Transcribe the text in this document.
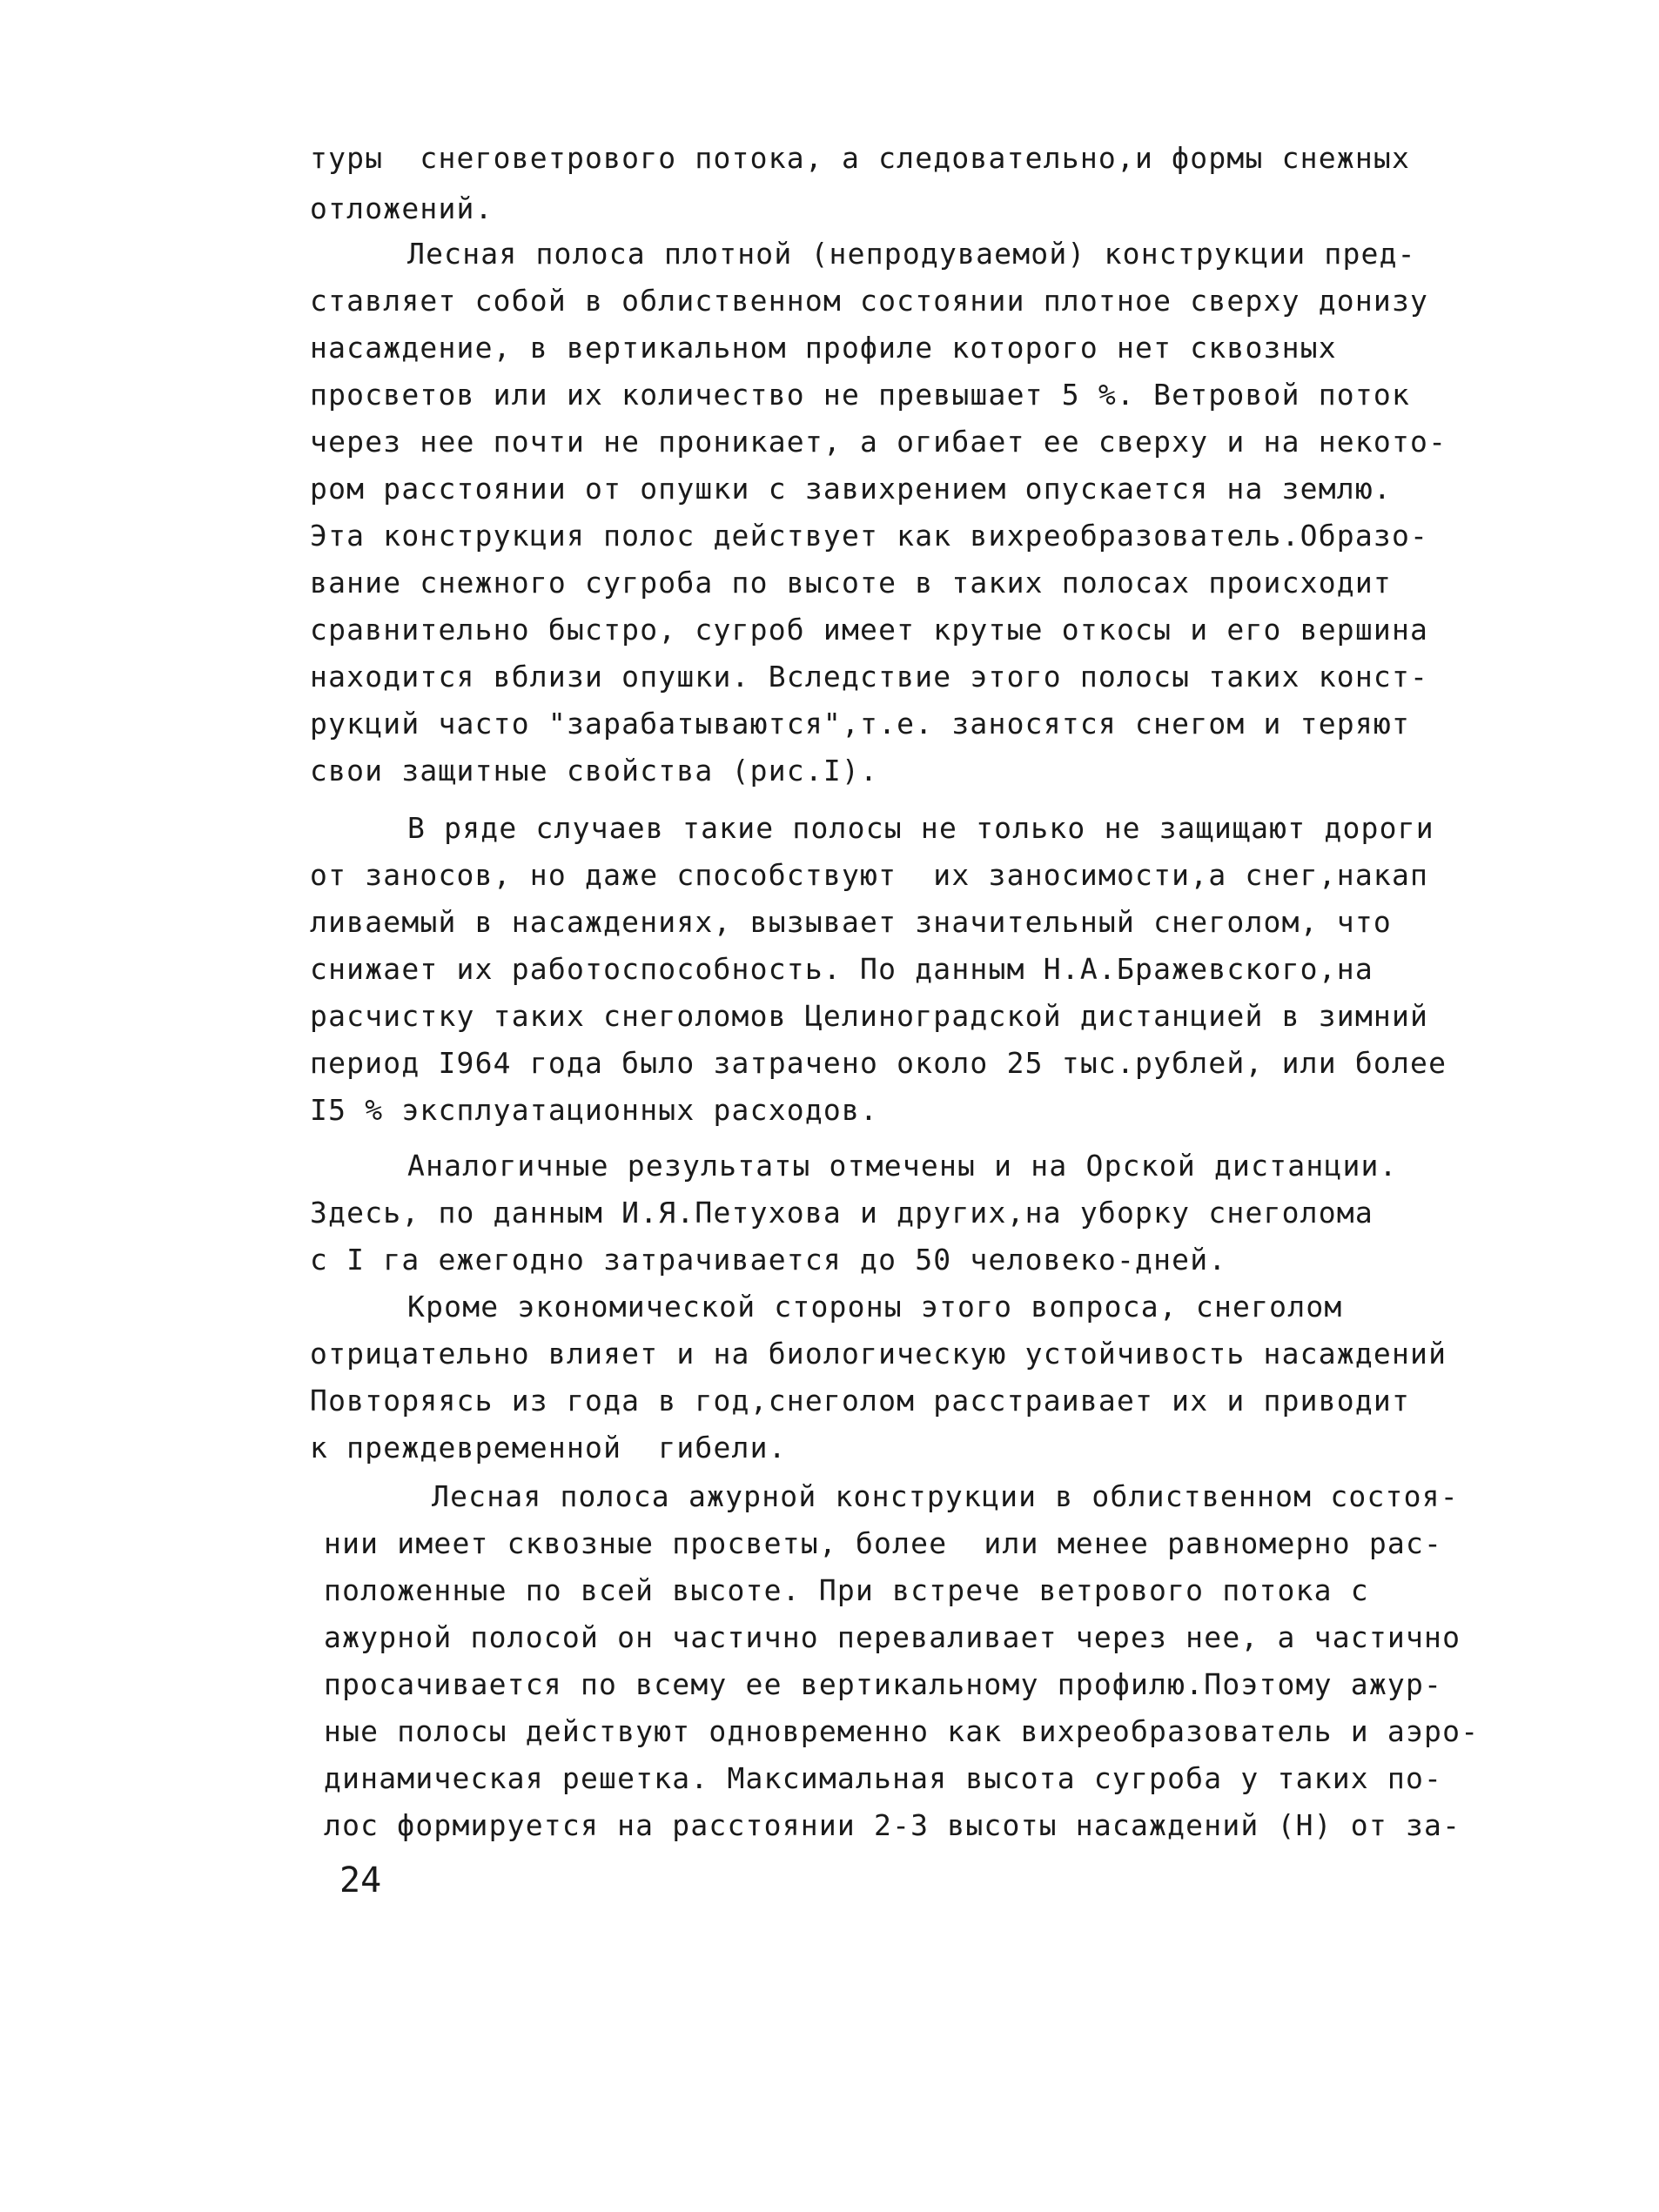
туры  снеговетрового потока, а следовательно,и формы снежных

отложений.

Лесная полоса плотной (непродуваемой) конструкции пред-

ставляет собой в облиственном состоянии плотное сверху донизу

насаждение, в вертикальном профиле которого нет сквозных

просветов или их количество не превышает 5 %. Ветровой поток

через нее почти не проникает, а огибает ее сверху и на некото-

ром расстоянии от опушки с завихрением опускается на землю.

Эта конструкция полос действует как вихреобразователь.Образо-

вание снежного сугроба по высоте в таких полосах происходит

сравнительно быстро, сугроб имеет крутые откосы и его вершина

находится вблизи опушки. Вследствие этого полосы таких конст-

рукций часто "зарабатываются",т.е. заносятся снегом и теряют

свои защитные свойства (рис.I).

В ряде случаев такие полосы не только не защищают дороги

от заносов, но даже способствуют  их заносимости,а снег,накап

ливаемый в насаждениях, вызывает значительный снеголом, что

снижает их работоспособность. По данным Н.А.Бражевского,на

расчистку таких снеголомов Целиноградской дистанцией в зимний

период I964 года было затрачено около 25 тыс.рублей, или более

I5 % эксплуатационных расходов.

Аналогичные результаты отмечены и на Орской дистанции.

Здесь, по данным И.Я.Петухова и других,на уборку снеголома

с I га ежегодно затрачивается до 50 человеко-дней.

Кроме экономической стороны этого вопроса, снеголом

отрицательно влияет и на биологическую устойчивость насаждений

Повторяясь из года в год,снеголом расстраивает их и приводит

к преждевременной  гибели.

Лесная полоса ажурной конструкции в облиственном состоя-

нии имеет сквозные просветы, более  или менее равномерно рас-

положенные по всей высоте. При встрече ветрового потока с

ажурной полосой он частично переваливает через нее, а частично

просачивается по всему ее вертикальному профилю.Поэтому ажур-

ные полосы действуют одновременно как вихреобразователь и аэро-

динамическая решетка. Максимальная высота сугроба у таких по-

лос формируется на расстоянии 2-3 высоты насаждений (Н) от за-

24
